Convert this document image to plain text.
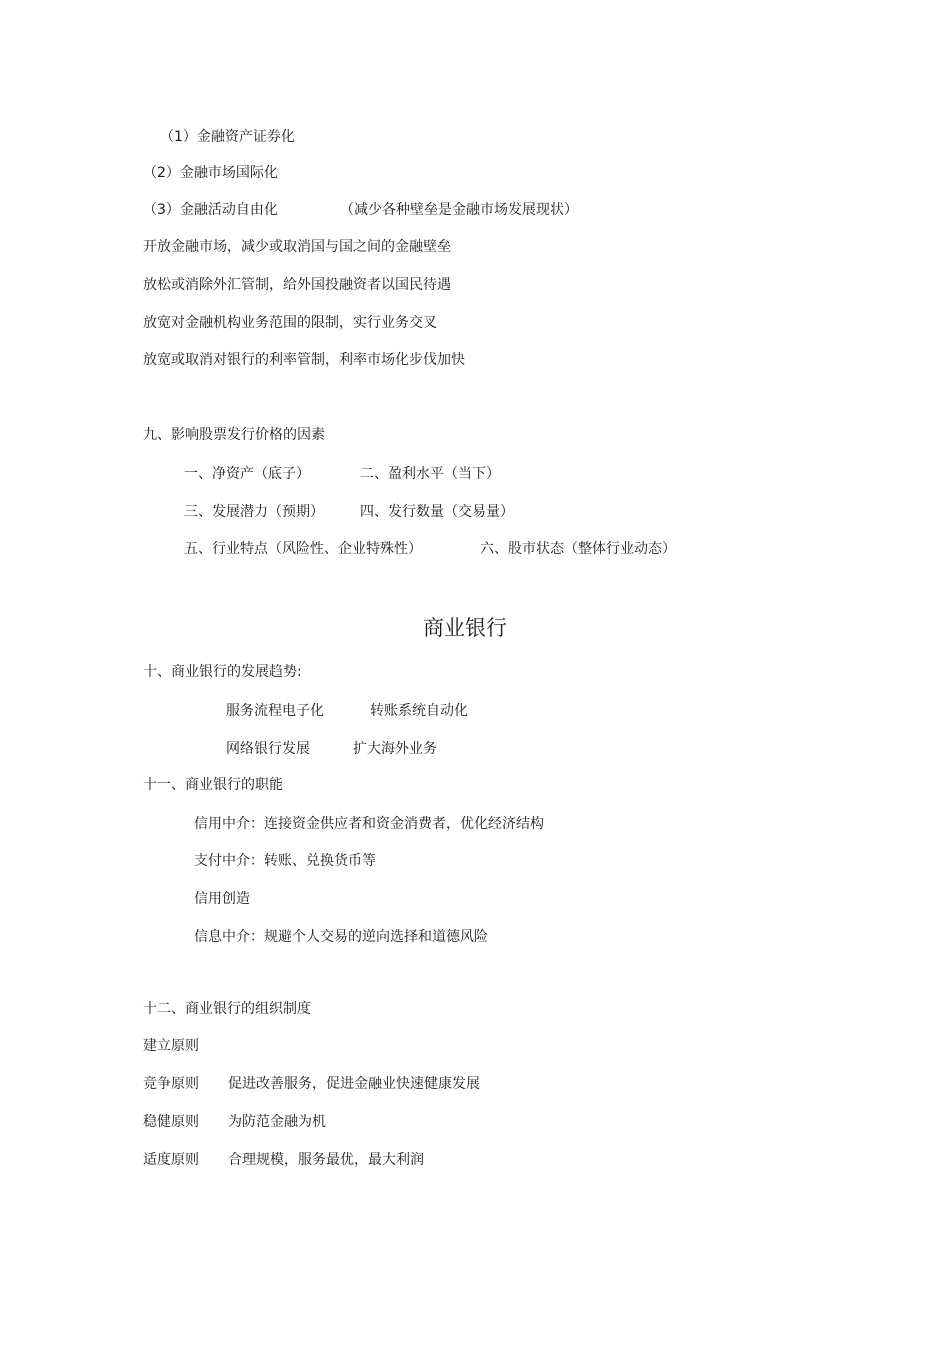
（1）金融资产证券化
（2）金融市场国际化
（3）金融活动自由化	（减少各种壁垒是金融市场发展现状）
开放金融市场，减少或取消国与国之间的金融壁垒
放松或消除外汇管制，给外国投融资者以国民待遇
放宽对金融机构业务范围的限制，实行业务交叉
放宽或取消对银行的利率管制，利率市场化步伐加快
九、影响股票发行价格的因素
一、净资产（底子）	二、盈利水平（当下）
三、发展潜力（预期）	四、发行数量（交易量）
五、行业特点（风险性、企业特殊性）	六、股市状态（整体行业动态）
商业银行
十、商业银行的发展趋势:
服务流程电子化	转账系统自动化
网络银行发展	扩大海外业务
十一、商业银行的职能
信用中介：连接资金供应者和资金消费者，优化经济结构
支付中介：转账、兑换货币等
信用创造
信息中介：规避个人交易的逆向选择和道德风险
十二、商业银行的组织制度
建立原则
竞争原则 促进改善服务，促进金融业快速健康发展
稳健原则 为防范金融为机
适度原则 合理规模，服务最优，最大利润
